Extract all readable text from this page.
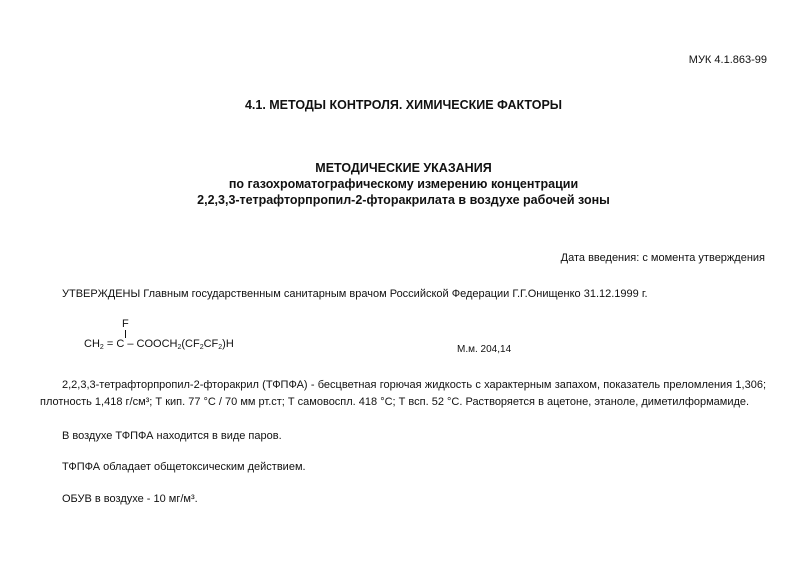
МУК 4.1.863-99
4.1. МЕТОДЫ КОНТРОЛЯ. ХИМИЧЕСКИЕ ФАКТОРЫ
МЕТОДИЧЕСКИЕ УКАЗАНИЯ
по газохроматографическому измерению концентрации
2,2,3,3-тетрафторпропил-2-фторакрилата в воздухе рабочей зоны
Дата введения: с момента утверждения
УТВЕРЖДЕНЫ Главным государственным санитарным врачом Российской Федерации Г.Г.Онищенко 31.12.1999 г.
F
$CH_2 = C$ – $COOCH_2(CF_2CF_2)H$	М.м. 204,14
2,2,3,3-тетрафторпропил-2-фторакрил (ТФПФА) - бесцветная горючая жидкость с характерным запахом, показатель преломления 1,306; плотность 1,418 г/см³; Т кип. 77 °С / 70 мм рт.ст; Т самовоспл. 418 °С; Т всп. 52 °С. Растворяется в ацетоне, этаноле, диметилформамиде.
В воздухе ТФПФА находится в виде паров.
ТФПФА обладает общетоксическим действием.
ОБУВ в воздухе - 10 мг/м³.
